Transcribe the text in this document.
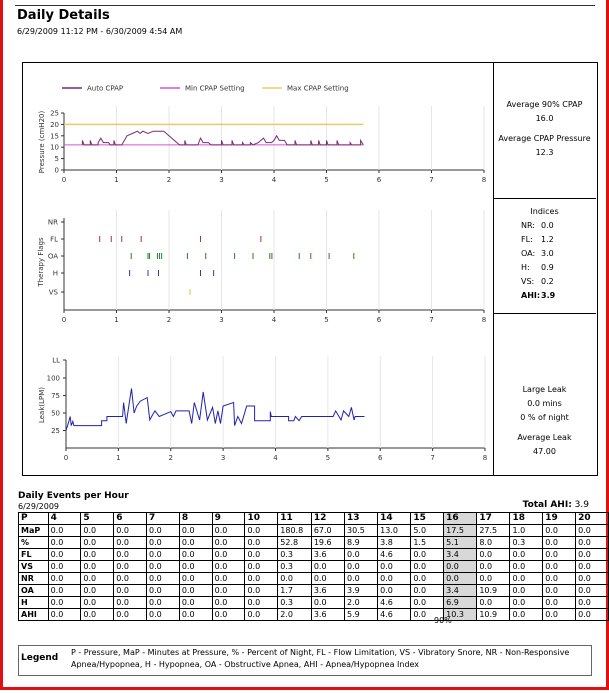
Daily Details
6/29/2009 11:12 PM - 6/30/2009 4:54 AM
0	1	2	3	4	5	6	7	8
0
5
10
15
20
25
Pressure (cmH20)
Auto CPAP	Min CPAP Setting	Max CPAP Setting
0	1	2	3	4	5	6	7	8
NR
FL
OA
H
VS
Therapy Flags
0	1	2	3	4	5	6	7	8
25
50
75
100
LL
Leak(LPM)
Average 90% CPAP
16.0
Average CPAP Pressure
12.3
Indices
NR: 0.0
FL: 1.2
OA: 3.0
H: 0.9
VS: 0.2
AHI:3.9
Large Leak
0.0 mins
0 % of night
Average Leak
47.00
Daily Events per Hour
6/29/2009	Total AHI: 3.9
P	4	5	6	7	8	9	10	11	12	13	14	15	16	17	18	19	20
MaP	0.0	0.0	0.0	0.0	0.0	0.0	0.0	180.8	67.0	30.5	13.0	5.0	17.5	27.5	1.0	0.0	0.0
%	0.0	0.0	0.0	0.0	0.0	0.0	0.0	52.8	19.6	8.9	3.8	1.5	5.1	8.0	0.3	0.0	0.0
FL	0.0	0.0	0.0	0.0	0.0	0.0	0.0	0.3	3.6	0.0	4.6	0.0	3.4	0.0	0.0	0.0	0.0
VS	0.0	0.0	0.0	0.0	0.0	0.0	0.0	0.3	0.0	0.0	0.0	0.0	0.0	0.0	0.0	0.0	0.0
NR	0.0	0.0	0.0	0.0	0.0	0.0	0.0	0.0	0.0	0.0	0.0	0.0	0.0	0.0	0.0	0.0	0.0
OA	0.0	0.0	0.0	0.0	0.0	0.0	0.0	1.7	3.6	3.9	0.0	0.0	3.4	10.9	0.0	0.0	0.0
H	0.0	0.0	0.0	0.0	0.0	0.0	0.0	0.3	0.0	2.0	4.6	0.0	6.9	0.0	0.0	0.0	0.0
AHI	0.0	0.0	0.0	0.0	0.0	0.0	0.0	2.0	3.6	5.9	4.6	0.0	10.3	10.9	0.0	0.0	0.0
90%
Legend
P - Pressure, MaP - Minutes at Pressure, % - Percent of Night, FL - Flow Limitation, VS - Vibratory Snore, NR - Non-Responsive Apnea/Hypopnea, H - Hypopnea, OA - Obstructive Apnea, AHI - Apnea/Hypopnea Index
